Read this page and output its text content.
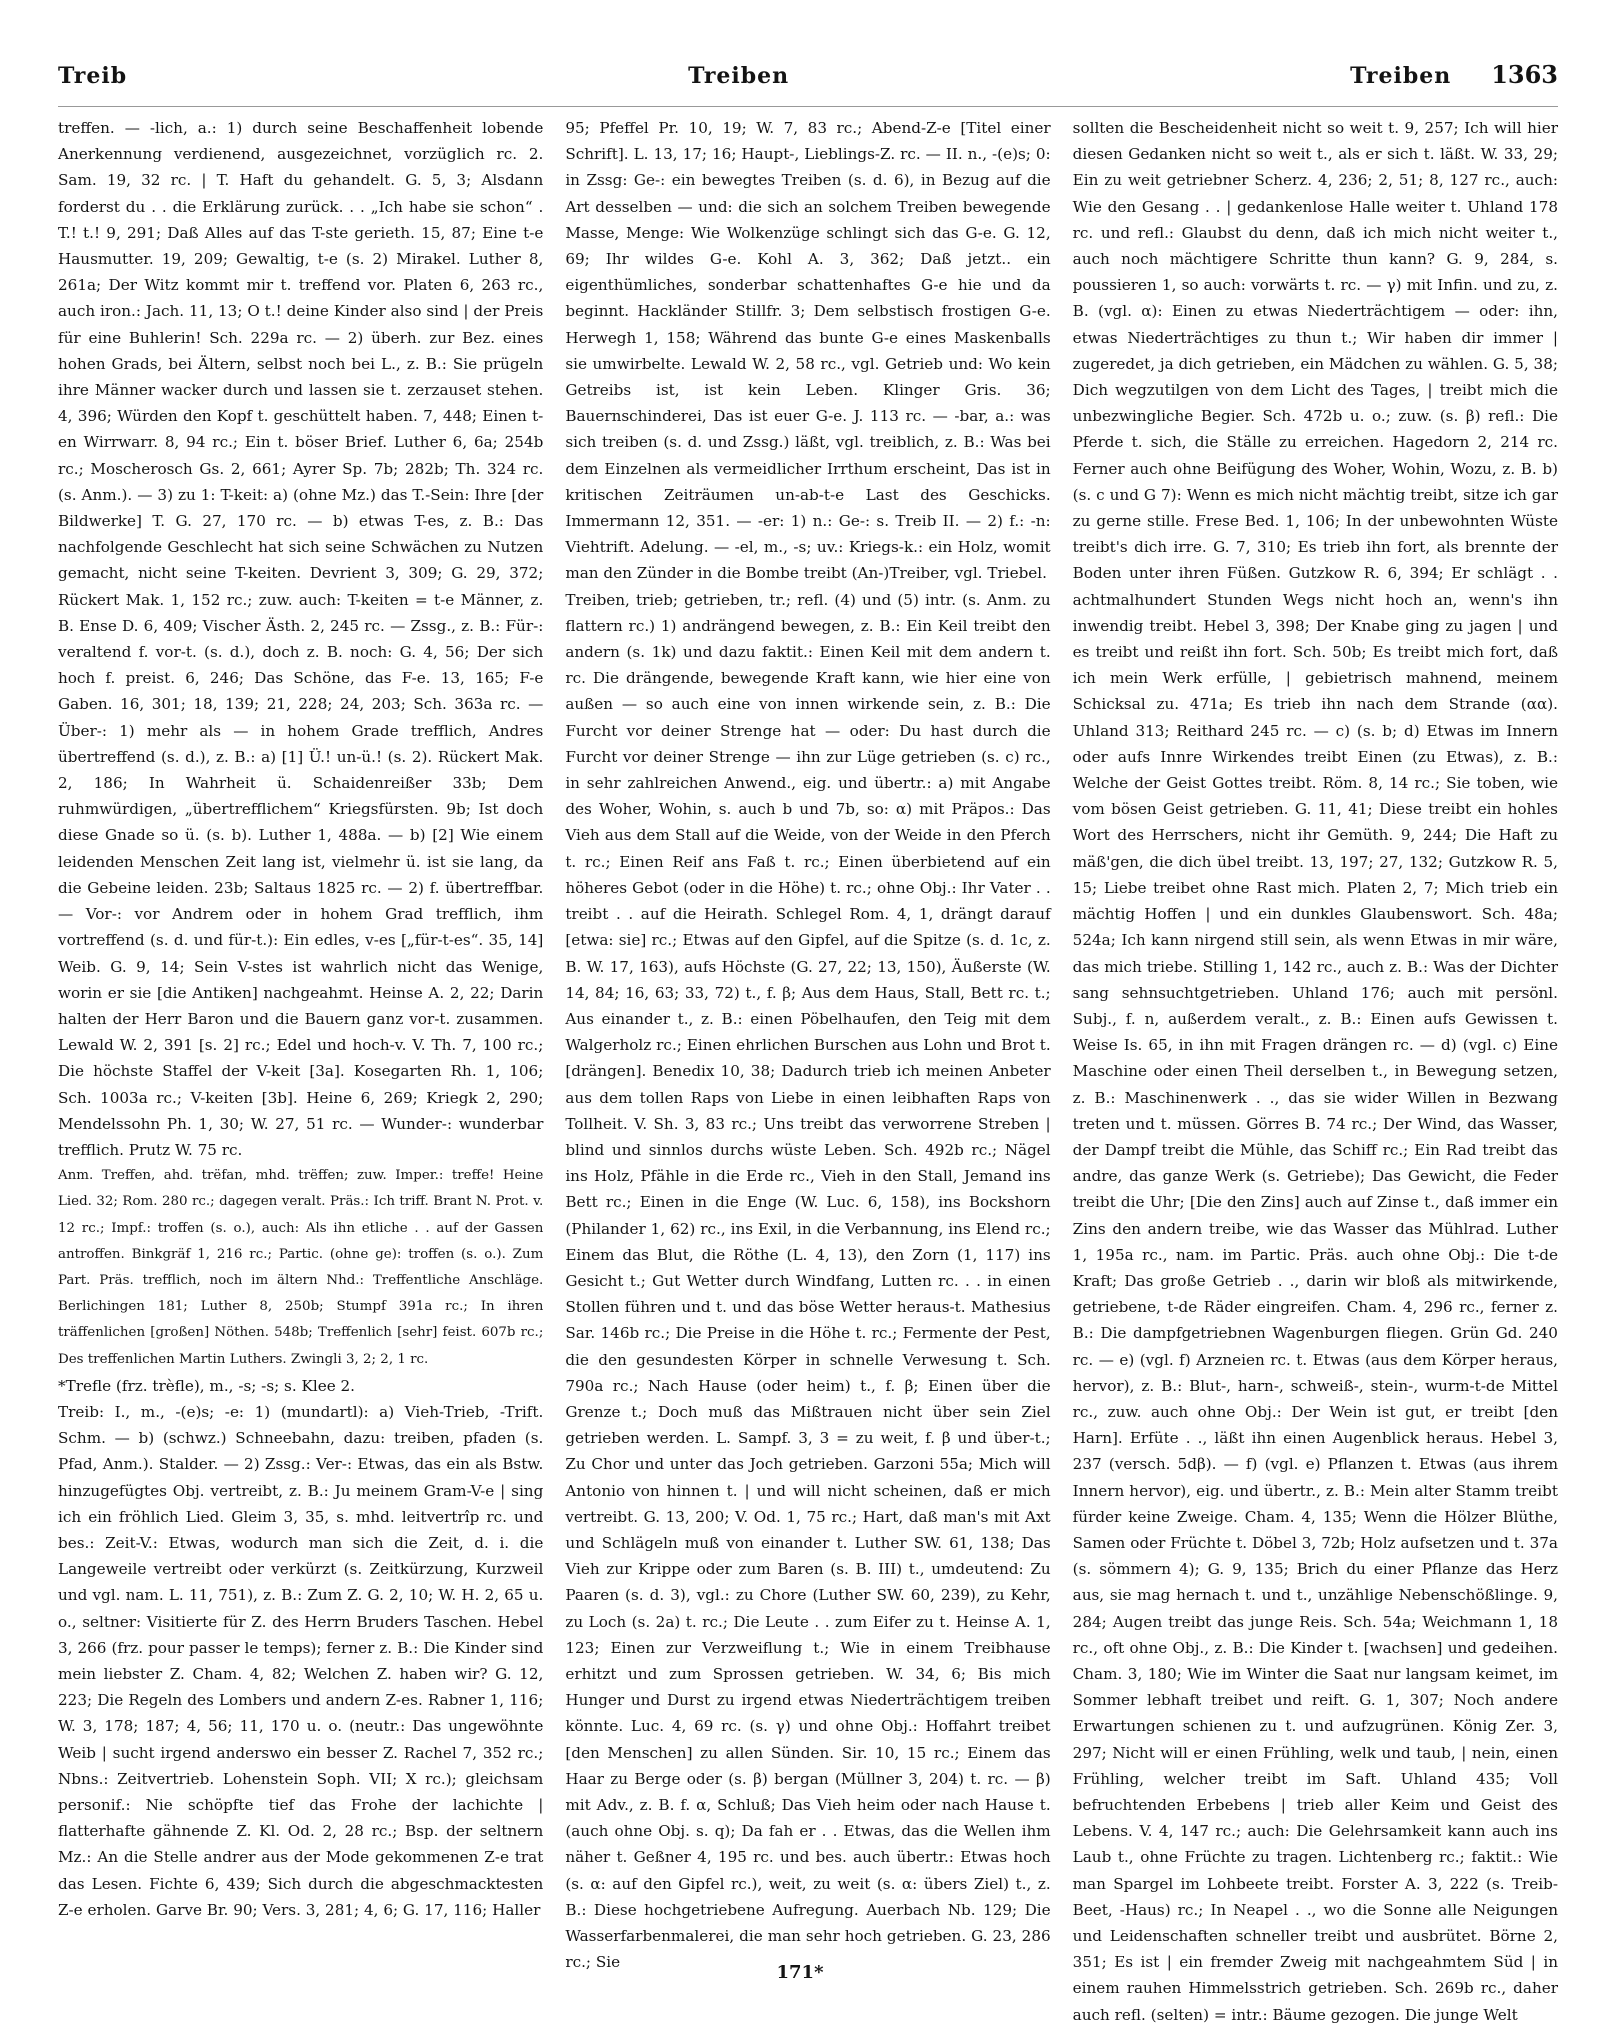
Treib	Treiben	Treiben 1363

treffen. — -lich, a.: 1) durch seine Beschaffenheit lobende Anerkennung verdienend, ausgezeichnet, vorzüglich rc. 2. Sam. 19, 32 rc. | T. Haft du gehandelt. G. 5, 3; Alsdann forderst du . . die Erklärung zurück. . . „Ich habe sie schon“ . T.! t.! 9, 291; Daß Alles auf das T-ste gerieth. 15, 87; Eine t-e Hausmutter. 19, 209; Gewaltig, t-e (s. 2) Mirakel. Luther 8, 261a; Der Witz kommt mir t. treffend vor. Platen 6, 263 rc., auch iron.: Jach. 11, 13; O t.! deine Kinder also sind | der Preis für eine Buhlerin! Sch. 229a rc. — 2) überh. zur Bez. eines hohen Grads, bei Ältern, selbst noch bei L., z. B.: Sie prügeln ihre Männer wacker durch und lassen sie t. zerzauset stehen. 4, 396; Würden den Kopf t. geschüttelt haben. 7, 448; Einen t-en Wirrwarr. 8, 94 rc.; Ein t. böser Brief. Luther 6, 6a; 254b rc.; Moscherosch Gs. 2, 661; Ayrer Sp. 7b; 282b; Th. 324 rc. (s. Anm.). — 3) zu 1: T-keit: a) (ohne Mz.) das T.-Sein: Ihre [der Bildwerke] T. G. 27, 170 rc. — b) etwas T-es, z. B.: Das nachfolgende Geschlecht hat sich seine Schwächen zu Nutzen gemacht, nicht seine T-keiten. Devrient 3, 309; G. 29, 372; Rückert Mak. 1, 152 rc.; zuw. auch: T-keiten = t-e Männer, z. B. Ense D. 6, 409; Vischer Ästh. 2, 245 rc. — Zssg., z. B.: Für-: veraltend f. vor-t. (s. d.), doch z. B. noch: G. 4, 56; Der sich hoch f. preist. 6, 246; Das Schöne, das F-e. 13, 165; F-e Gaben. 16, 301; 18, 139; 21, 228; 24, 203; Sch. 363a rc. — Über-: 1) mehr als — in hohem Grade trefflich, Andres übertreffend (s. d.), z. B.: a) [1] Ü.! un-ü.! (s. 2). Rückert Mak. 2, 186; In Wahrheit ü. Schaidenreißer 33b; Dem ruhmwürdigen, „übertrefflichem“ Kriegsfürsten. 9b; Ist doch diese Gnade so ü. (s. b). Luther 1, 488a. — b) [2] Wie einem leidenden Menschen Zeit lang ist, vielmehr ü. ist sie lang, da die Gebeine leiden. 23b; Saltaus 1825 rc. — 2) f. übertreffbar. — Vor-: vor Andrem oder in hohem Grad trefflich, ihm vortreffend (s. d. und für-t.): Ein edles, v-es [„für-t-es“. 35, 14] Weib. G. 9, 14; Sein V-stes ist wahrlich nicht das Wenige, worin er sie [die Antiken] nachgeahmt. Heinse A. 2, 22; Darin halten der Herr Baron und die Bauern ganz vor-t. zusammen. Lewald W. 2, 391 [s. 2] rc.; Edel und hoch-v. V. Th. 7, 100 rc.; Die höchste Staffel der V-keit [3a]. Kosegarten Rh. 1, 106; Sch. 1003a rc.; V-keiten [3b]. Heine 6, 269; Kriegk 2, 290; Mendelssohn Ph. 1, 30; W. 27, 51 rc. — Wunder-: wunderbar trefflich. Prutz W. 75 rc.

Anm. Treffen, ahd. trëfan, mhd. trëffen; zuw. Imper.: treffe! Heine Lied. 32; Rom. 280 rc.; dagegen veralt. Präs.: Ich triff. Brant N. Prot. v. 12 rc.; Impf.: troffen (s. o.), auch: Als ihn etliche . . auf der Gassen antroffen. Binkgräf 1, 216 rc.; Partic. (ohne ge): troffen (s. o.). Zum Part. Präs. trefflich, noch im ältern Nhd.: Treffentliche Anschläge. Berlichingen 181; Luther 8, 250b; Stumpf 391a rc.; In ihren träffenlichen [großen] Nöthen. 548b; Treffenlich [sehr] feist. 607b rc.; Des treffenlichen Martin Luthers. Zwingli 3, 2; 2, 1 rc.

*Trefle (frz. trèfle), m., -s; -s; s. Klee 2.

Treib: I., m., -(e)s; -e: 1) (mundartl): a) Vieh-Trieb, -Trift. Schm. — b) (schwz.) Schneebahn, dazu: treiben, pfaden (s. Pfad, Anm.). Stalder. — 2) Zssg.: Ver-: Etwas, das ein als Bstw. hinzugefügtes Obj. vertreibt, z. B.: Ju meinem Gram-V-e | sing ich ein fröhlich Lied. Gleim 3, 35, s. mhd. leitvertrîp rc. und bes.: Zeit-V.: Etwas, wodurch man sich die Zeit, d. i. die Langeweile vertreibt oder verkürzt (s. Zeitkürzung, Kurzweil und vgl. nam. L. 11, 751), z. B.: Zum Z. G. 2, 10; W. H. 2, 65 u. o., seltner: Visitierte für Z. des Herrn Bruders Taschen. Hebel 3, 266 (frz. pour passer le temps); ferner z. B.: Die Kinder sind mein liebster Z. Cham. 4, 82; Welchen Z. haben wir? G. 12, 223; Die Regeln des Lombers und andern Z-es. Rabner 1, 116; W. 3, 178; 187; 4, 56; 11, 170 u. o. (neutr.: Das ungewöhnte Weib | sucht irgend anderswo ein besser Z. Rachel 7, 352 rc.; Nbns.: Zeitvertrieb. Lohenstein Soph. VII; X rc.); gleichsam personif.: Nie schöpfte tief das Frohe der lachichte | flatterhafte gähnende Z. Kl. Od. 2, 28 rc.; Bsp. der seltnern Mz.: An die Stelle andrer aus der Mode gekommenen Z-e trat das Lesen. Fichte 6, 439; Sich durch die abgeschmacktesten Z-e erholen. Garve Br. 90; Vers. 3, 281; 4, 6; G. 17, 116; Haller

95; Pfeffel Pr. 10, 19; W. 7, 83 rc.; Abend-Z-e [Titel einer Schrift]. L. 13, 17; 16; Haupt-, Lieblings-Z. rc. — II. n., -(e)s; 0: in Zssg: Ge-: ein bewegtes Treiben (s. d. 6), in Bezug auf die Art desselben — und: die sich an solchem Treiben bewegende Masse, Menge: Wie Wolkenzüge schlingt sich das G-e. G. 12, 69; Ihr wildes G-e. Kohl A. 3, 362; Daß jetzt.. ein eigenthümliches, sonderbar schattenhaftes G-e hie und da beginnt. Hackländer Stillfr. 3; Dem selbstisch frostigen G-e. Herwegh 1, 158; Während das bunte G-e eines Maskenballs sie umwirbelte. Lewald W. 2, 58 rc., vgl. Getrieb und: Wo kein Getreibs ist, ist kein Leben. Klinger Gris. 36; Bauernschinderei, Das ist euer G-e. J. 113 rc. — -bar, a.: was sich treiben (s. d. und Zssg.) läßt, vgl. treiblich, z. B.: Was bei dem Einzelnen als vermeidlicher Irrthum erscheint, Das ist in kritischen Zeiträumen un-ab-t-e Last des Geschicks. Immermann 12, 351. — -er: 1) n.: Ge-: s. Treib II. — 2) f.: -n: Viehtrift. Adelung. — -el, m., -s; uv.: Kriegs-k.: ein Holz, womit man den Zünder in die Bombe treibt (An-)Treiber, vgl. Triebel.

Treiben, trieb; getrieben, tr.; refl. (4) und (5) intr. (s. Anm. zu flattern rc.) 1) andrängend bewegen, z. B.: Ein Keil treibt den andern (s. 1k) und dazu faktit.: Einen Keil mit dem andern t. rc. Die drängende, bewegende Kraft kann, wie hier eine von außen — so auch eine von innen wirkende sein, z. B.: Die Furcht vor deiner Strenge hat — oder: Du hast durch die Furcht vor deiner Strenge — ihn zur Lüge getrieben (s. c) rc., in sehr zahlreichen Anwend., eig. und übertr.: a) mit Angabe des Woher, Wohin, s. auch b und 7b, so: α) mit Präpos.: Das Vieh aus dem Stall auf die Weide, von der Weide in den Pferch t. rc.; Einen Reif ans Faß t. rc.; Einen überbietend auf ein höheres Gebot (oder in die Höhe) t. rc.; ohne Obj.: Ihr Vater . . treibt . . auf die Heirath. Schlegel Rom. 4, 1, drängt darauf [etwa: sie] rc.; Etwas auf den Gipfel, auf die Spitze (s. d. 1c, z. B. W. 17, 163), aufs Höchste (G. 27, 22; 13, 150), Äußerste (W. 14, 84; 16, 63; 33, 72) t., f. β; Aus dem Haus, Stall, Bett rc. t.; Aus einander t., z. B.: einen Pöbelhaufen, den Teig mit dem Walgerholz rc.; Einen ehrlichen Burschen aus Lohn und Brot t. [drängen]. Benedix 10, 38; Dadurch trieb ich meinen Anbeter aus dem tollen Raps von Liebe in einen leibhaften Raps von Tollheit. V. Sh. 3, 83 rc.; Uns treibt das verworrene Streben | blind und sinnlos durchs wüste Leben. Sch. 492b rc.; Nägel ins Holz, Pfähle in die Erde rc., Vieh in den Stall, Jemand ins Bett rc.; Einen in die Enge (W. Luc. 6, 158), ins Bockshorn (Philander 1, 62) rc., ins Exil, in die Verbannung, ins Elend rc.; Einem das Blut, die Röthe (L. 4, 13), den Zorn (1, 117) ins Gesicht t.; Gut Wetter durch Windfang, Lutten rc. . . in einen Stollen führen und t. und das böse Wetter heraus-t. Mathesius Sar. 146b rc.; Die Preise in die Höhe t. rc.; Fermente der Pest, die den gesundesten Körper in schnelle Verwesung t. Sch. 790a rc.; Nach Hause (oder heim) t., f. β; Einen über die Grenze t.; Doch muß das Mißtrauen nicht über sein Ziel getrieben werden. L. Sampf. 3, 3 = zu weit, f. β und über-t.; Zu Chor und unter das Joch getrieben. Garzoni 55a; Mich will Antonio von hinnen t. | und will nicht scheinen, daß er mich vertreibt. G. 13, 200; V. Od. 1, 75 rc.; Hart, daß man's mit Axt und Schlägeln muß von einander t. Luther SW. 61, 138; Das Vieh zur Krippe oder zum Baren (s. B. III) t., umdeutend: Zu Paaren (s. d. 3), vgl.: zu Chore (Luther SW. 60, 239), zu Kehr, zu Loch (s. 2a) t. rc.; Die Leute . . zum Eifer zu t. Heinse A. 1, 123; Einen zur Verzweiflung t.; Wie in einem Treibhause erhitzt und zum Sprossen getrieben. W. 34, 6; Bis mich Hunger und Durst zu irgend etwas Niederträchtigem treiben könnte. Luc. 4, 69 rc. (s. γ) und ohne Obj.: Hoffahrt treibet [den Menschen] zu allen Sünden. Sir. 10, 15 rc.; Einem das Haar zu Berge oder (s. β) bergan (Müllner 3, 204) t. rc. — β) mit Adv., z. B. f. α, Schluß; Das Vieh heim oder nach Hause t. (auch ohne Obj. s. q); Da fah er . . Etwas, das die Wellen ihm näher t. Geßner 4, 195 rc. und bes. auch übertr.: Etwas hoch (s. α: auf den Gipfel rc.), weit, zu weit (s. α: übers Ziel) t., z. B.: Diese hochgetriebene Aufregung. Auerbach Nb. 129; Die Wasserfarbenmalerei, die man sehr hoch getrieben. G. 23, 286 rc.; Sie

sollten die Bescheidenheit nicht so weit t. 9, 257; Ich will hier diesen Gedanken nicht so weit t., als er sich t. läßt. W. 33, 29; Ein zu weit getriebner Scherz. 4, 236; 2, 51; 8, 127 rc., auch: Wie den Gesang . . | gedankenlose Halle weiter t. Uhland 178 rc. und refl.: Glaubst du denn, daß ich mich nicht weiter t., auch noch mächtigere Schritte thun kann? G. 9, 284, s. poussieren 1, so auch: vorwärts t. rc. — γ) mit Infin. und zu, z. B. (vgl. α): Einen zu etwas Niederträchtigem — oder: ihn, etwas Niederträchtiges zu thun t.; Wir haben dir immer | zugeredet, ja dich getrieben, ein Mädchen zu wählen. G. 5, 38; Dich wegzutilgen von dem Licht des Tages, | treibt mich die unbezwingliche Begier. Sch. 472b u. o.; zuw. (s. β) refl.: Die Pferde t. sich, die Ställe zu erreichen. Hagedorn 2, 214 rc. Ferner auch ohne Beifügung des Woher, Wohin, Wozu, z. B. b) (s. c und G 7): Wenn es mich nicht mächtig treibt, sitze ich gar zu gerne stille. Frese Bed. 1, 106; In der unbewohnten Wüste treibt's dich irre. G. 7, 310; Es trieb ihn fort, als brennte der Boden unter ihren Füßen. Gutzkow R. 6, 394; Er schlägt . . achtmalhundert Stunden Wegs nicht hoch an, wenn's ihn inwendig treibt. Hebel 3, 398; Der Knabe ging zu jagen | und es treibt und reißt ihn fort. Sch. 50b; Es treibt mich fort, daß ich mein Werk erfülle, | gebietrisch mahnend, meinem Schicksal zu. 471a; Es trieb ihn nach dem Strande (αα). Uhland 313; Reithard 245 rc. — c) (s. b; d) Etwas im Innern oder aufs Innre Wirkendes treibt Einen (zu Etwas), z. B.: Welche der Geist Gottes treibt. Röm. 8, 14 rc.; Sie toben, wie vom bösen Geist getrieben. G. 11, 41; Diese treibt ein hohles Wort des Herrschers, nicht ihr Gemüth. 9, 244; Die Haft zu mäß'gen, die dich übel treibt. 13, 197; 27, 132; Gutzkow R. 5, 15; Liebe treibet ohne Rast mich. Platen 2, 7; Mich trieb ein mächtig Hoffen | und ein dunkles Glaubenswort. Sch. 48a; 524a; Ich kann nirgend still sein, als wenn Etwas in mir wäre, das mich triebe. Stilling 1, 142 rc., auch z. B.: Was der Dichter sang sehnsuchtgetrieben. Uhland 176; auch mit persönl. Subj., f. n, außerdem veralt., z. B.: Einen aufs Gewissen t. Weise Is. 65, in ihn mit Fragen drängen rc. — d) (vgl. c) Eine Maschine oder einen Theil derselben t., in Bewegung setzen, z. B.: Maschinenwerk . ., das sie wider Willen in Bezwang treten und t. müssen. Görres B. 74 rc.; Der Wind, das Wasser, der Dampf treibt die Mühle, das Schiff rc.; Ein Rad treibt das andre, das ganze Werk (s. Getriebe); Das Gewicht, die Feder treibt die Uhr; [Die den Zins] auch auf Zinse t., daß immer ein Zins den andern treibe, wie das Wasser das Mühlrad. Luther 1, 195a rc., nam. im Partic. Präs. auch ohne Obj.: Die t-de Kraft; Das große Getrieb . ., darin wir bloß als mitwirkende, getriebene, t-de Räder eingreifen. Cham. 4, 296 rc., ferner z. B.: Die dampfgetriebnen Wagenburgen fliegen. Grün Gd. 240 rc. — e) (vgl. f) Arzneien rc. t. Etwas (aus dem Körper heraus, hervor), z. B.: Blut-, harn-, schweiß-, stein-, wurm-t-de Mittel rc., zuw. auch ohne Obj.: Der Wein ist gut, er treibt [den Harn]. Erfüte . ., läßt ihn einen Augenblick heraus. Hebel 3, 237 (versch. 5dβ). — f) (vgl. e) Pflanzen t. Etwas (aus ihrem Innern hervor), eig. und übertr., z. B.: Mein alter Stamm treibt fürder keine Zweige. Cham. 4, 135; Wenn die Hölzer Blüthe, Samen oder Früchte t. Döbel 3, 72b; Holz aufsetzen und t. 37a (s. sömmern 4); G. 9, 135; Brich du einer Pflanze das Herz aus, sie mag hernach t. und t., unzählige Nebenschößlinge. 9, 284; Augen treibt das junge Reis. Sch. 54a; Weichmann 1, 18 rc., oft ohne Obj., z. B.: Die Kinder t. [wachsen] und gedeihen. Cham. 3, 180; Wie im Winter die Saat nur langsam keimet, im Sommer lebhaft treibet und reift. G. 1, 307; Noch andere Erwartungen schienen zu t. und aufzugrünen. König Zer. 3, 297; Nicht will er einen Frühling, welk und taub, | nein, einen Frühling, welcher treibt im Saft. Uhland 435; Voll befruchtenden Erbebens | trieb aller Keim und Geist des Lebens. V. 4, 147 rc.; auch: Die Gelehrsamkeit kann auch ins Laub t., ohne Früchte zu tragen. Lichtenberg rc.; faktit.: Wie man Spargel im Lohbeete treibt. Forster A. 3, 222 (s. Treib-Beet, -Haus) rc.; In Neapel . ., wo die Sonne alle Neigungen und Leidenschaften schneller treibt und ausbrütet. Börne 2, 351; Es ist | ein fremder Zweig mit nachgeahmtem Süd | in einem rauhen Himmelsstrich getrieben. Sch. 269b rc., daher auch refl. (selten) = intr.: Bäume gezogen. Die junge Welt

171*
